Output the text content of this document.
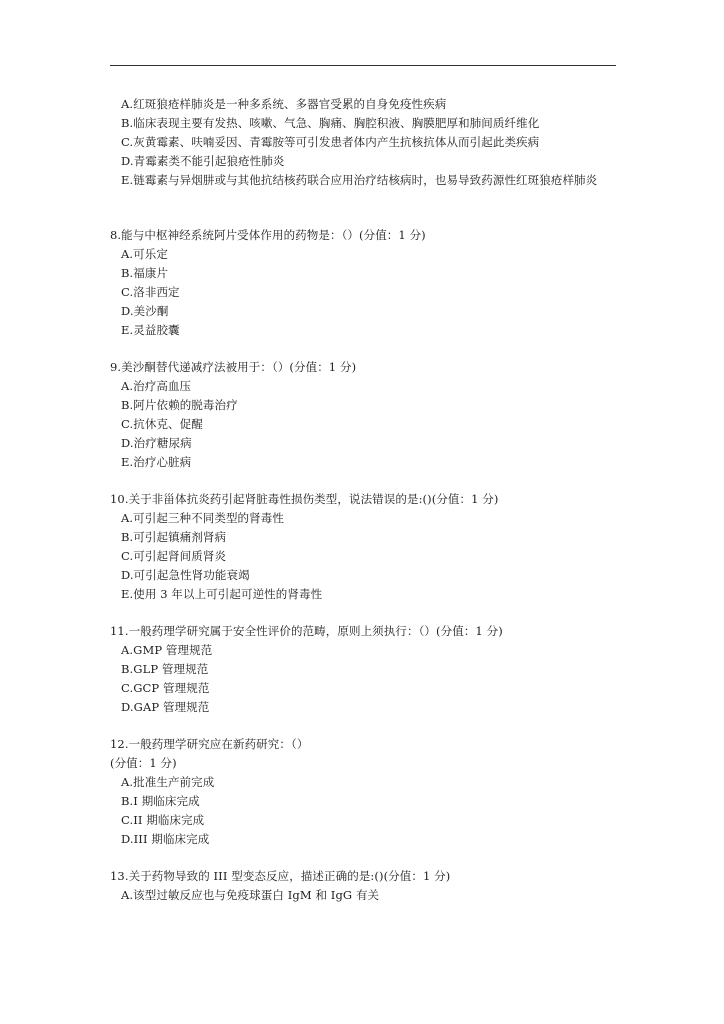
A.红斑狼疮样肺炎是一种多系统、多器官受累的自身免疫性疾病
B.临床表现主要有发热、咳嗽、气急、胸痛、胸腔积液、胸膜肥厚和肺间质纤维化
C.灰黄霉素、呋喃妥因、青霉胺等可引发患者体内产生抗核抗体从而引起此类疾病
D.青霉素类不能引起狼疮性肺炎
E.链霉素与异烟肼或与其他抗结核药联合应用治疗结核病时，也易导致药源性红斑狼疮样肺炎
8.能与中枢神经系统阿片受体作用的药物是：（）(分值：1 分)
A.可乐定
B.福康片
C.洛非西定
D.美沙酮
E.灵益胶囊
9.美沙酮替代递减疗法被用于：（）(分值：1 分)
A.治疗高血压
B.阿片依赖的脱毒治疗
C.抗休克、促醒
D.治疗糖尿病
E.治疗心脏病
10.关于非甾体抗炎药引起肾脏毒性损伤类型，说法错误的是:()(分值：1 分)
A.可引起三种不同类型的肾毒性
B.可引起镇痛剂肾病
C.可引起肾间质肾炎
D.可引起急性肾功能衰竭
E.使用 3 年以上可引起可逆性的肾毒性
11.一般药理学研究属于安全性评价的范畴，原则上须执行：（）(分值：1 分)
A.GMP 管理规范
B.GLP 管理规范
C.GCP 管理规范
D.GAP 管理规范
12.一般药理学研究应在新药研究：（）
(分值：1 分)
A.批准生产前完成
B.I 期临床完成
C.II 期临床完成
D.III 期临床完成
13.关于药物导致的 III 型变态反应，描述正确的是:()(分值：1 分)
A.该型过敏反应也与免疫球蛋白 IgM 和 IgG 有关
